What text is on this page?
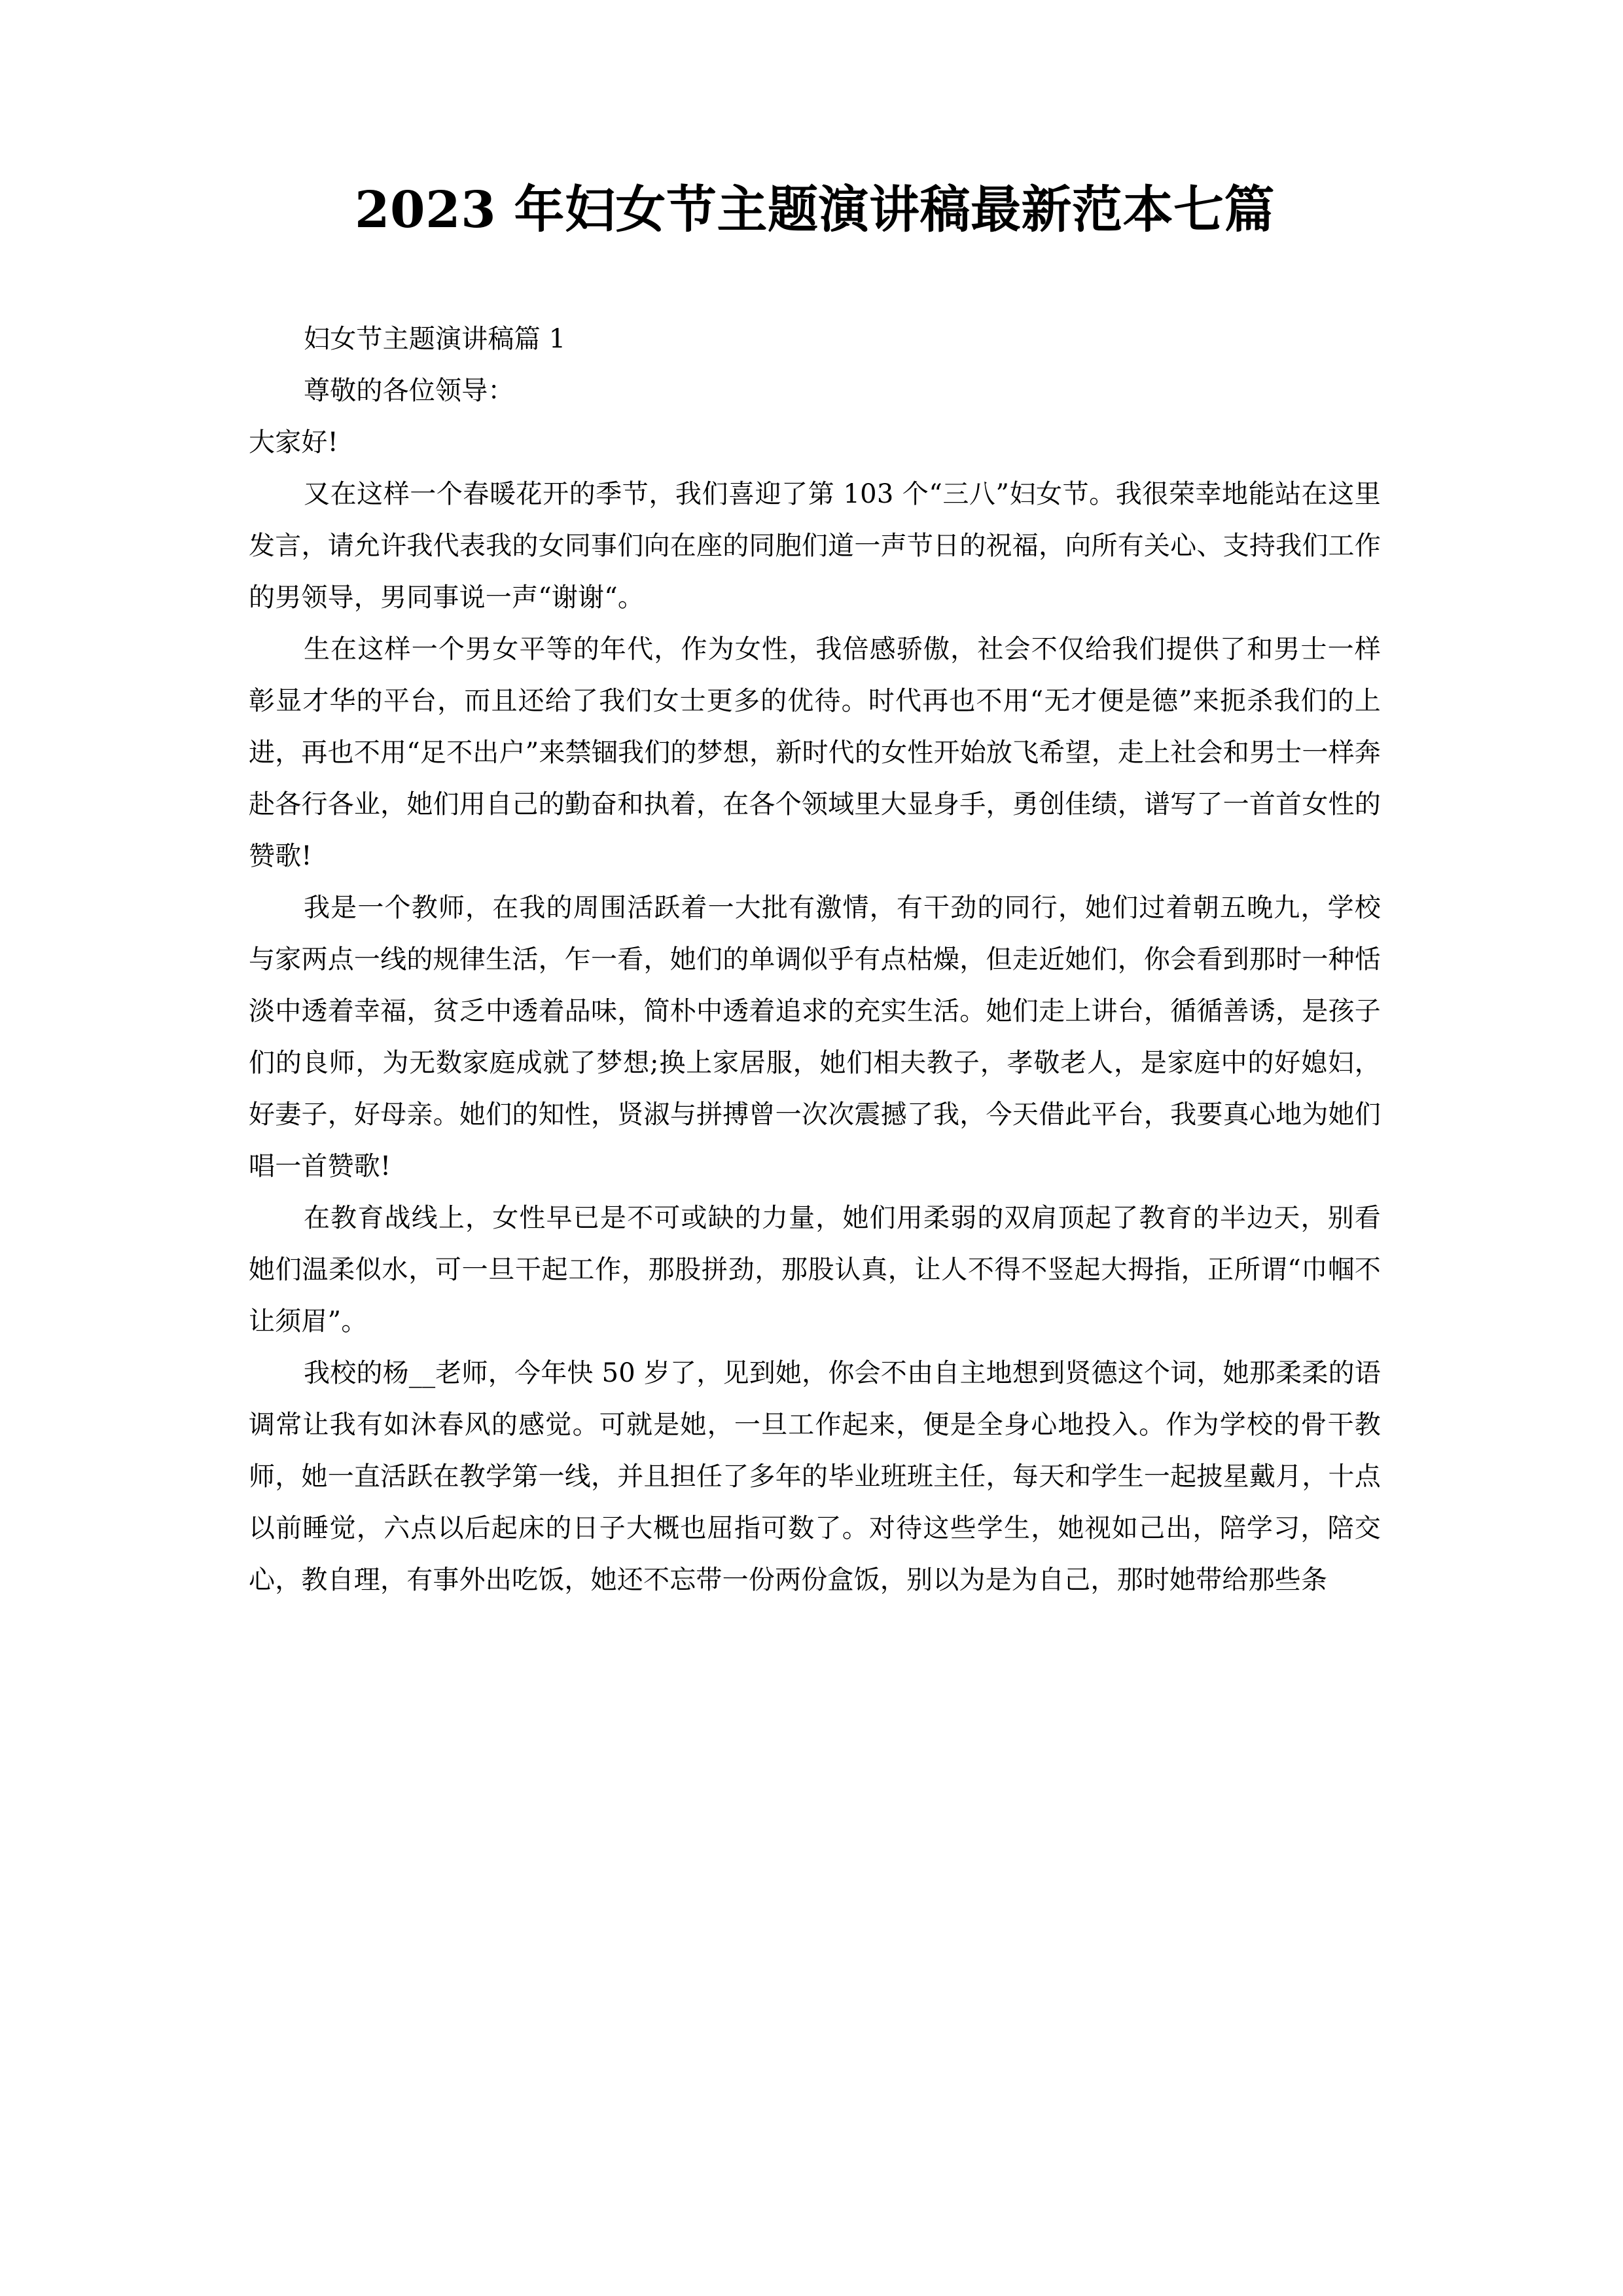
2023 年妇女节主题演讲稿最新范本七篇

妇女节主题演讲稿篇 1

尊敬的各位领导：

大家好!

又在这样一个春暖花开的季节，我们喜迎了第 103 个“三八”妇女节。我很荣幸地能站在这里发言，请允许我代表我的女同事们向在座的同胞们道一声节日的祝福，向所有关心、支持我们工作的男领导，男同事说一声“谢谢“。

生在这样一个男女平等的年代，作为女性，我倍感骄傲，社会不仅给我们提供了和男士一样彰显才华的平台，而且还给了我们女士更多的优待。时代再也不用“无才便是德”来扼杀我们的上进，再也不用“足不出户”来禁锢我们的梦想，新时代的女性开始放飞希望，走上社会和男士一样奔赴各行各业，她们用自己的勤奋和执着，在各个领域里大显身手，勇创佳绩，谱写了一首首女性的赞歌!

我是一个教师，在我的周围活跃着一大批有激情，有干劲的同行，她们过着朝五晚九，学校与家两点一线的规律生活，乍一看，她们的单调似乎有点枯燥，但走近她们，你会看到那时一种恬淡中透着幸福，贫乏中透着品味，简朴中透着追求的充实生活。她们走上讲台，循循善诱，是孩子们的良师，为无数家庭成就了梦想;换上家居服，她们相夫教子，孝敬老人，是家庭中的好媳妇，好妻子，好母亲。她们的知性，贤淑与拼搏曾一次次震撼了我，今天借此平台，我要真心地为她们唱一首赞歌!

在教育战线上，女性早已是不可或缺的力量，她们用柔弱的双肩顶起了教育的半边天，别看她们温柔似水，可一旦干起工作，那股拼劲，那股认真，让人不得不竖起大拇指，正所谓“巾帼不让须眉”。

我校的杨__老师，今年快 50 岁了，见到她，你会不由自主地想到贤德这个词，她那柔柔的语调常让我有如沐春风的感觉。可就是她，一旦工作起来，便是全身心地投入。作为学校的骨干教师，她一直活跃在教学第一线，并且担任了多年的毕业班班主任，每天和学生一起披星戴月，十点以前睡觉，六点以后起床的日子大概也屈指可数了。对待这些学生，她视如己出，陪学习，陪交心，教自理，有事外出吃饭，她还不忘带一份两份盒饭，别以为是为自己，那时她带给那些条
